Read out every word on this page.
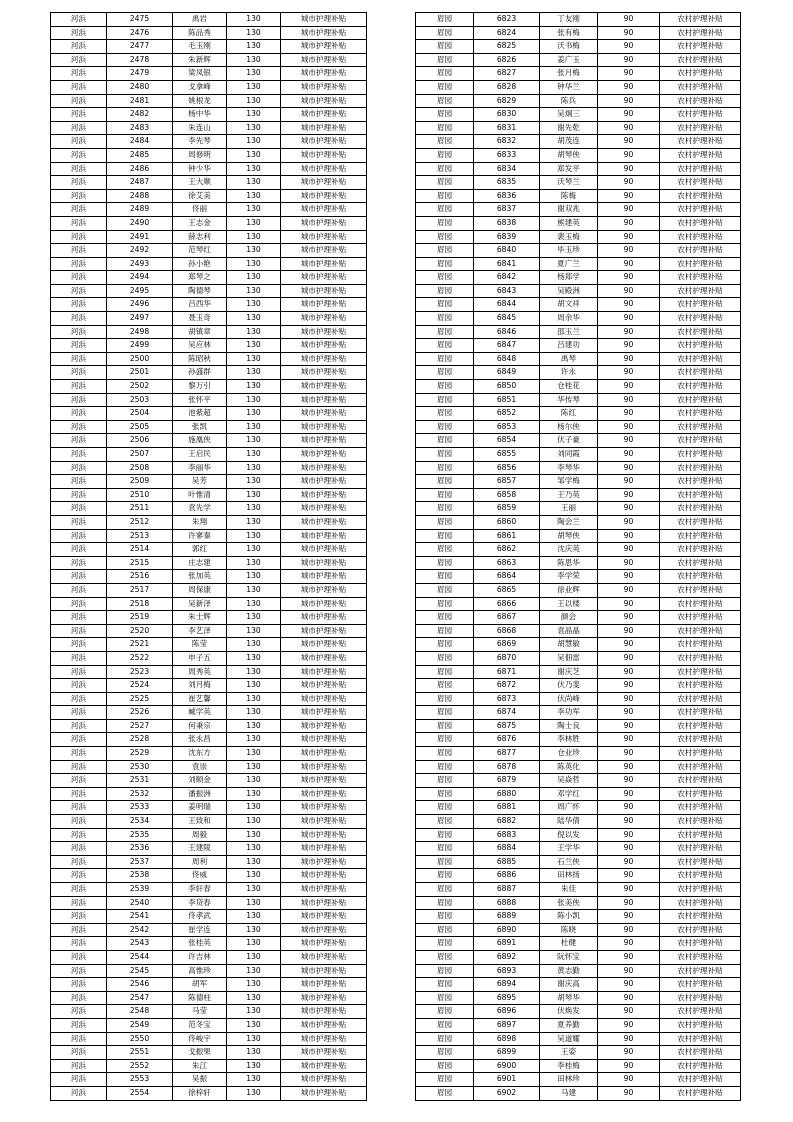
河浜	2475	禹岩	130	城市护理补贴
河浜	2476	陈品秀	130	城市护理补贴
河浜	2477	毛玉刚	130	城市护理补贴
河浜	2478	朱新辉	130	城市护理补贴
河浜	2479	梁凤银	130	城市护理补贴
河浜	2480	戈拿峰	130	城市护理补贴
河浜	2481	姚根龙	130	城市护理补贴
河浜	2482	杨中华	130	城市护理补贴
河浜	2483	朱连山	130	城市护理补贴
河浜	2484	李先琴	130	城市护理补贴
河浜	2485	周修明	130	城市护理补贴
河浜	2486	钟少华	130	城市护理补贴
河浜	2487	王大顺	130	城市护理补贴
河浜	2488	徐艾美	130	城市护理补贴
河浜	2489	佟丽	130	城市护理补贴
河浜	2490	王志金	130	城市护理补贴
河浜	2491	薛志利	130	城市护理补贴
河浜	2492	范琴红	130	城市护理补贴
河浜	2493	孙小艳	130	城市护理补贴
河浜	2494	郑琴之	130	城市护理补贴
河浜	2495	陶德琴	130	城市护理补贴
河浜	2496	吕西华	130	城市护理补贴
河浜	2497	聂玉奇	130	城市护理补贴
河浜	2498	胡镇章	130	城市护理补贴
河浜	2499	吴应林	130	城市护理补贴
河浜	2500	陈昭秋	130	城市护理补贴
河浜	2501	孙盛群	130	城市护理补贴
河浜	2502	黎万引	130	城市护理补贴
河浜	2503	张怀平	130	城市护理补贴
河浜	2504	池紫超	130	城市护理补贴
河浜	2505	张凯	130	城市护理补贴
河浜	2506	施凰侠	130	城市护理补贴
河浜	2507	王启民	130	城市护理补贴
河浜	2508	李丽华	130	城市护理补贴
河浜	2509	吴芳	130	城市护理补贴
河浜	2510	叶惟清	130	城市护理补贴
河浜	2511	袁先学	130	城市护理补贴
河浜	2512	朱翔	130	城市护理补贴
河浜	2513	许寥秦	130	城市护理补贴
河浜	2514	郭红	130	城市护理补贴
河浜	2515	庄志建	130	城市护理补贴
河浜	2516	张加英	130	城市护理补贴
河浜	2517	周保康	130	城市护理补贴
河浜	2518	吴新泽	130	城市护理补贴
河浜	2519	朱士辉	130	城市护理补贴
河浜	2520	李艺泽	130	城市护理补贴
河浜	2521	陈莹	130	城市护理补贴
河浜	2522	申子五	130	城市护理补贴
河浜	2523	周秀英	130	城市护理补贴
河浜	2524	刘月梅	130	城市护理补贴
河浜	2525	崔艺馨	130	城市护理补贴
河浜	2526	臧学英	130	城市护理补贴
河浜	2527	何秉宗	130	城市护理补贴
河浜	2528	张永昌	130	城市护理补贴
河浜	2529	沈东方	130	城市护理补贴
河浜	2530	袁崇	130	城市护理补贴
河浜	2531	刘顺金	130	城市护理补贴
河浜	2532	潘振洲	130	城市护理补贴
河浜	2533	姜明瑞	130	城市护理补贴
河浜	2534	王致和	130	城市护理补贴
河浜	2535	周毅	130	城市护理补贴
河浜	2536	王建陵	130	城市护理补贴
河浜	2537	周利	130	城市护理补贴
河浜	2538	佟威	130	城市护理补贴
河浜	2539	李轩春	130	城市护理补贴
河浜	2540	李贷春	130	城市护理补贴
河浜	2541	佟孝武	130	城市护理补贴
河浜	2542	崔学连	130	城市护理补贴
河浜	2543	张桂英	130	城市护理补贴
河浜	2544	许吉林	130	城市护理补贴
河浜	2545	高惟珍	130	城市护理补贴
河浜	2546	胡军	130	城市护理补贴
河浜	2547	陈德柱	130	城市护理补贴
河浜	2548	马莹	130	城市护理补贴
河浜	2549	范冬宝	130	城市护理补贴
河浜	2550	佟峻宇	130	城市护理补贴
河浜	2551	戈振果	130	城市护理补贴
河浜	2552	朱江	130	城市护理补贴
河浜	2553	吴振	130	城市护理补贴
河浜	2554	徐梓轩	130	城市护理补贴
眉园	6823	丁友刚	90	农村护理补贴
眉园	6824	张有梅	90	农村护理补贴
眉园	6825	沃书梅	90	农村护理补贴
眉园	6826	姜广玉	90	农村护理补贴
眉园	6827	张月梅	90	农村护理补贴
眉园	6828	钟华兰	90	农村护理补贴
眉园	6829	陈兵	90	农村护理补贴
眉园	6830	吴炯三	90	农村护理补贴
眉园	6831	谢先乾	90	农村护理补贴
眉园	6832	胡茂连	90	农村护理补贴
眉园	6833	胡琴侠	90	农村护理补贴
眉园	6834	郑发平	90	农村护理补贴
眉园	6835	沃琴兰	90	农村护理补贴
眉园	6836	陈梅	90	农村护理补贴
眉园	6837	谢双兆	90	农村护理补贴
眉园	6838	熊建英	90	农村护理补贴
眉园	6839	裴玉梅	90	农村护理补贴
眉园	6840	毕玉珍	90	农村护理补贴
眉园	6841	夏广兰	90	农村护理补贴
眉园	6842	杨郑学	90	农村护理补贴
眉园	6843	吴殿洲	90	农村护理补贴
眉园	6844	胡文祥	90	农村护理补贴
眉园	6845	周余华	90	农村护理补贴
眉园	6846	邵玉兰	90	农村护理补贴
眉园	6847	吕建功	90	农村护理补贴
眉园	6848	禹琴	90	农村护理补贴
眉园	6849	许永	90	农村护理补贴
眉园	6850	仓桂花	90	农村护理补贴
眉园	6851	华传琴	90	农村护理补贴
眉园	6852	陈红	90	农村护理补贴
眉园	6853	杨尔侠	90	农村护理补贴
眉园	6854	伏子豪	90	农村护理补贴
眉园	6855	刘同霞	90	农村护理补贴
眉园	6856	李琴华	90	农村护理补贴
眉园	6857	邹学梅	90	农村护理补贴
眉园	6858	王乃英	90	农村护理补贴
眉园	6859	王丽	90	农村护理补贴
眉园	6860	陶会兰	90	农村护理补贴
眉园	6861	胡琴侠	90	农村护理补贴
眉园	6862	沈庆英	90	农村护理补贴
眉园	6863	陈思华	90	农村护理补贴
眉园	6864	李学荣	90	农村护理补贴
眉园	6865	徐业辉	90	农村护理补贴
眉园	6866	王以楼	90	农村护理补贴
眉园	6867	颜会	90	农村护理补贴
眉园	6868	袁晶晶	90	农村护理补贴
眉园	6869	胡慧敏	90	农村护理补贴
眉园	6870	吴佃雷	90	农村护理补贴
眉园	6871	谢庆芝	90	农村护理补贴
眉园	6872	伏乃斐	90	农村护理补贴
眉园	6873	伏尚峰	90	农村护理补贴
眉园	6874	李功军	90	农村护理补贴
眉园	6875	陶士良	90	农村护理补贴
眉园	6876	李林胜	90	农村护理补贴
眉园	6877	仓业珍	90	农村护理补贴
眉园	6878	陈英化	90	农村护理补贴
眉园	6879	吴焱哲	90	农村护理补贴
眉园	6880	邓学红	90	农村护理补贴
眉园	6881	周广怀	90	农村护理补贴
眉园	6882	陆华倩	90	农村护理补贴
眉园	6883	倪以发	90	农村护理补贴
眉园	6884	王学华	90	农村护理补贴
眉园	6885	石兰侠	90	农村护理补贴
眉园	6886	田林扬	90	农村护理补贴
眉园	6887	朱佳	90	农村护理补贴
眉园	6888	张美侠	90	农村护理补贴
眉园	6889	陈小凯	90	农村护理补贴
眉园	6890	陈晓	90	农村护理补贴
眉园	6891	杜健	90	农村护理补贴
眉园	6892	阮怀宝	90	农村护理补贴
眉园	6893	黄志勤	90	农村护理补贴
眉园	6894	谢庆高	90	农村护理补贴
眉园	6895	胡琴华	90	农村护理补贴
眉园	6896	伏焕发	90	农村护理补贴
眉园	6897	夏养勤	90	农村护理补贴
眉园	6898	吴道耀	90	农村护理补贴
眉园	6899	王姿	90	农村护理补贴
眉园	6900	李桂梅	90	农村护理补贴
眉园	6901	田林珍	90	农村护理补贴
眉园	6902	马建	90	农村护理补贴
